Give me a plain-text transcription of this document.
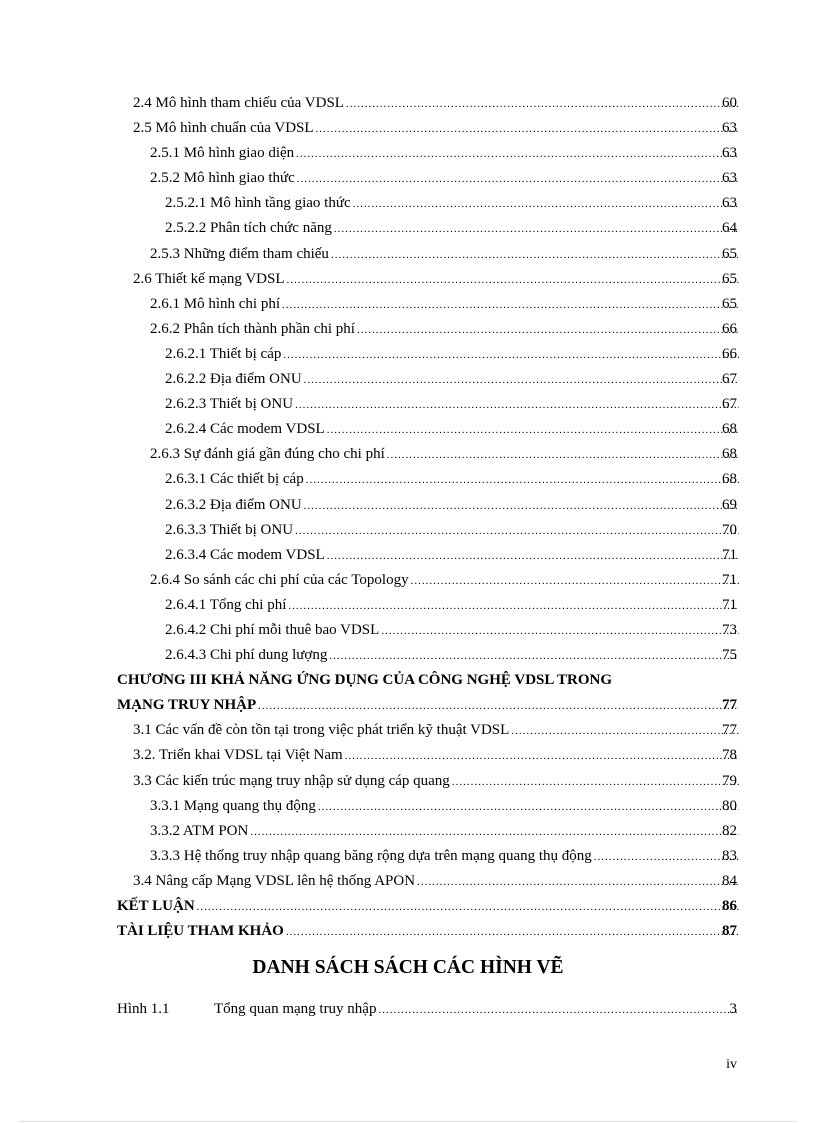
2.4 Mô hình tham chiếu của VDSL .....	60
2.5 Mô hình chuẩn của VDSL .....	63
2.5.1 Mô hình giao diện .....	63
2.5.2 Mô hình giao thức .....	63
2.5.2.1 Mô hình tầng giao thức .....	63
2.5.2.2 Phân tích chức năng .....	64
2.5.3 Những điểm tham chiếu .....	65
2.6 Thiết kế mạng VDSL .....	65
2.6.1 Mô hình chi phí .....	65
2.6.2 Phân tích thành phần chi phí .....	66
2.6.2.1 Thiết bị cáp .....	66
2.6.2.2 Địa điểm ONU .....	67
2.6.2.3 Thiết bị ONU .....	67
2.6.2.4 Các modem VDSL .....	68
2.6.3 Sự đánh giá gần đúng cho chi phí .....	68
2.6.3.1 Các thiết bị cáp .....	68
2.6.3.2 Địa điểm ONU .....	69
2.6.3.3 Thiết bị ONU .....	70
2.6.3.4 Các modem VDSL .....	71
2.6.4 So sánh các chi phí của các Topology .....	71
2.6.4.1 Tổng chi phí .....	71
2.6.4.2 Chi phí mỗi thuê bao VDSL .....	73
2.6.4.3 Chi phí dung lượng .....	75
CHƯƠNG III KHẢ NĂNG ỨNG DỤNG CỦA CÔNG NGHỆ VDSL TRONG
MẠNG TRUY NHẬP .....	77
3.1 Các vấn đề còn tồn tại trong việc phát triển kỹ thuật VDSL .....	77
3.2. Triển khai VDSL tại Việt Nam .....	78
3.3 Các kiến trúc mạng truy nhập sử dụng cáp quang .....	79
3.3.1 Mạng quang thụ động .....	80
3.3.2 ATM PON .....	82
3.3.3 Hệ thống truy nhập quang băng rộng dựa trên mạng quang thụ động .....	83
3.4 Nâng cấp Mạng VDSL lên hệ thống APON .....	84
KẾT LUẬN .....	86
TÀI LIỆU THAM KHẢO .....	87
DANH SÁCH SÁCH CÁC HÌNH VẼ
Hình 1.1	Tổng quan mạng truy nhập .....	3
iv
